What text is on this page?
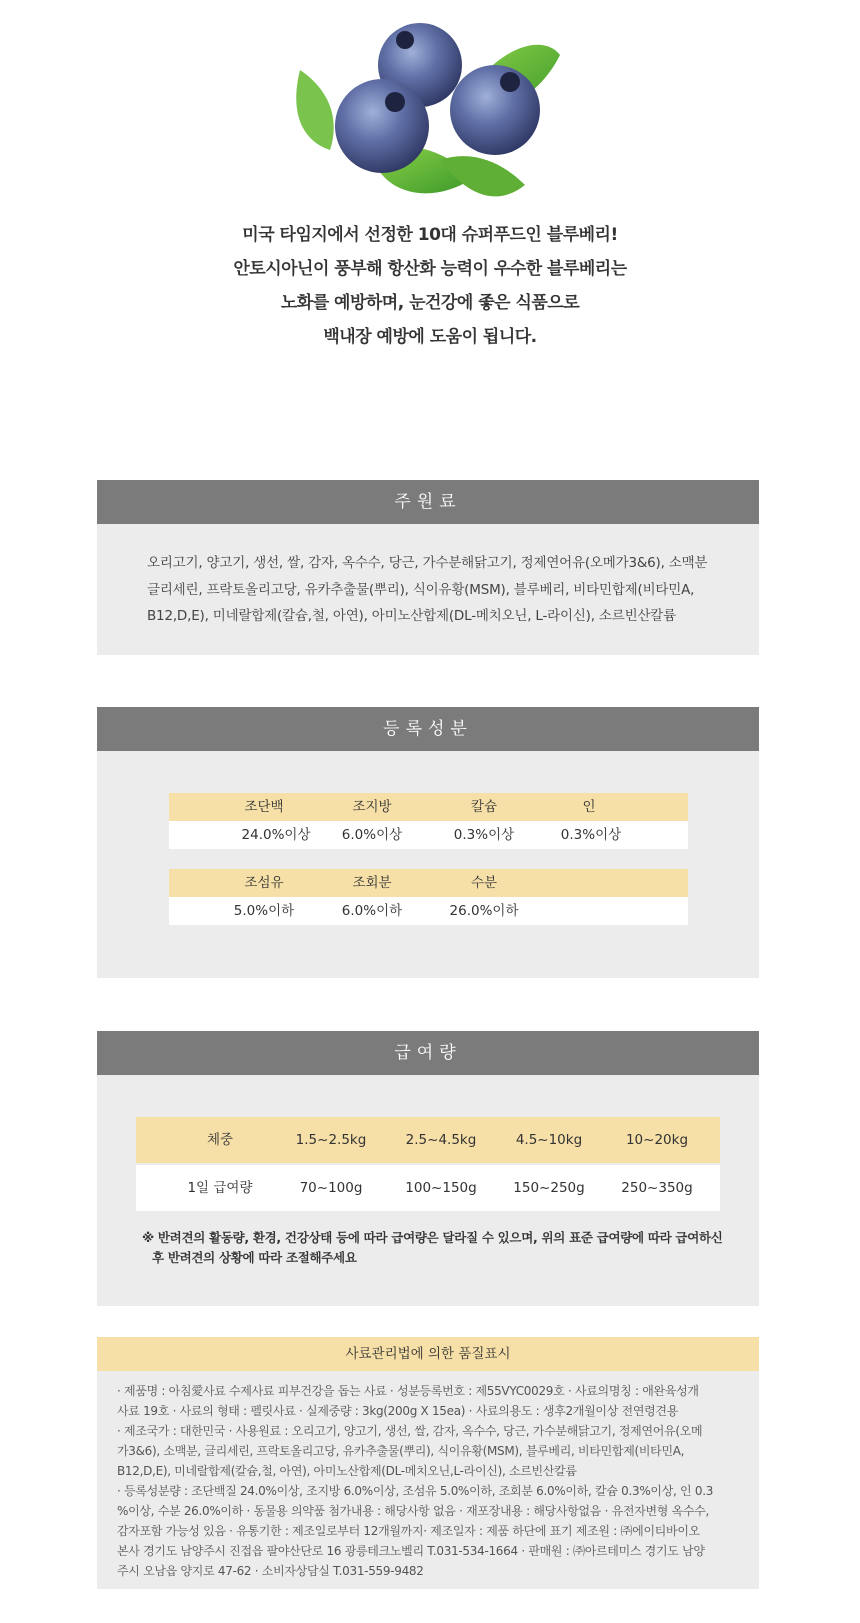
미국 타임지에서 선정한 10대 슈퍼푸드인 블루베리!
안토시아닌이 풍부해 항산화 능력이 우수한 블루베리는
노화를 예방하며, 눈건강에 좋은 식품으로
백내장 예방에 도움이 됩니다.
주원료
오리고기, 양고기, 생선, 쌀, 감자, 옥수수, 당근, 가수분해닭고기, 정제연어유(오메가3&6), 소맥분
글리세린, 프락토올리고당, 유카추출물(뿌리), 식이유황(MSM), 블루베리, 비타민합제(비타민A,
B12,D,E), 미네랄합제(칼슘,철, 아연), 아미노산합제(DL-메치오닌, L-라이신), 소르빈산칼륨
등록성분
조단백	조지방	칼슘	인
24.0%이상	6.0%이상	0.3%이상	0.3%이상
조섬유	조회분	수분
5.0%이하	6.0%이하	26.0%이하
급여량
체중	1.5~2.5kg	2.5~4.5kg	4.5~10kg	10~20kg
1일 급여량	70~100g	100~150g	150~250g	250~350g
※ 반려견의 활동량, 환경, 건강상태 등에 따라 급여량은 달라질 수 있으며, 위의 표준 급여량에 따라 급여하신
후 반려견의 상황에 따라 조절해주세요
사료관리법에 의한 품질표시
· 제품명 : 아침愛사료 수제사료 피부건강을 돕는 사료 · 성분등록번호 : 제55VYC0029호 · 사료의명칭 : 애완육성개
사료 19호 · 사료의 형태 : 펠릿사료 · 실제중량 : 3kg(200g X 15ea) · 사료의용도 : 생후2개월이상 전연령견용
· 제조국가 : 대한민국 · 사용원료 : 오리고기, 양고기, 생선, 쌀, 감자, 옥수수, 당근, 가수분해닭고기, 정제연어유(오메
가3&6), 소맥분, 글리세린, 프락토올리고당, 유카추출물(뿌리), 식이유황(MSM), 블루베리, 비타민합제(비타민A,
B12,D,E), 미네랄합제(칼슘,철, 아연), 아미노산합제(DL-메치오닌,L-라이신), 소르빈산칼륨
· 등록성분량 : 조단백질 24.0%이상, 조지방 6.0%이상, 조섬유 5.0%이하, 조회분 6.0%이하, 칼슘 0.3%이상, 인 0.3
%이상, 수분 26.0%이하 · 동물용 의약품 첨가내용 : 해당사항 없음 · 재포장내용 : 해당사항없음 · 유전자변형 옥수수,
감자포함 가능성 있음 · 유통기한 : 제조일로부터 12개월까지· 제조일자 : 제품 하단에 표기 제조원 : ㈜에이티바이오
본사 경기도 남양주시 진접읍 팔야산단로 16 광릉테크노벨리 T.031-534-1664 · 판매원 : ㈜아르테미스 경기도 남양
주시 오남읍 양지로 47-62 · 소비자상담실 T.031-559-9482
